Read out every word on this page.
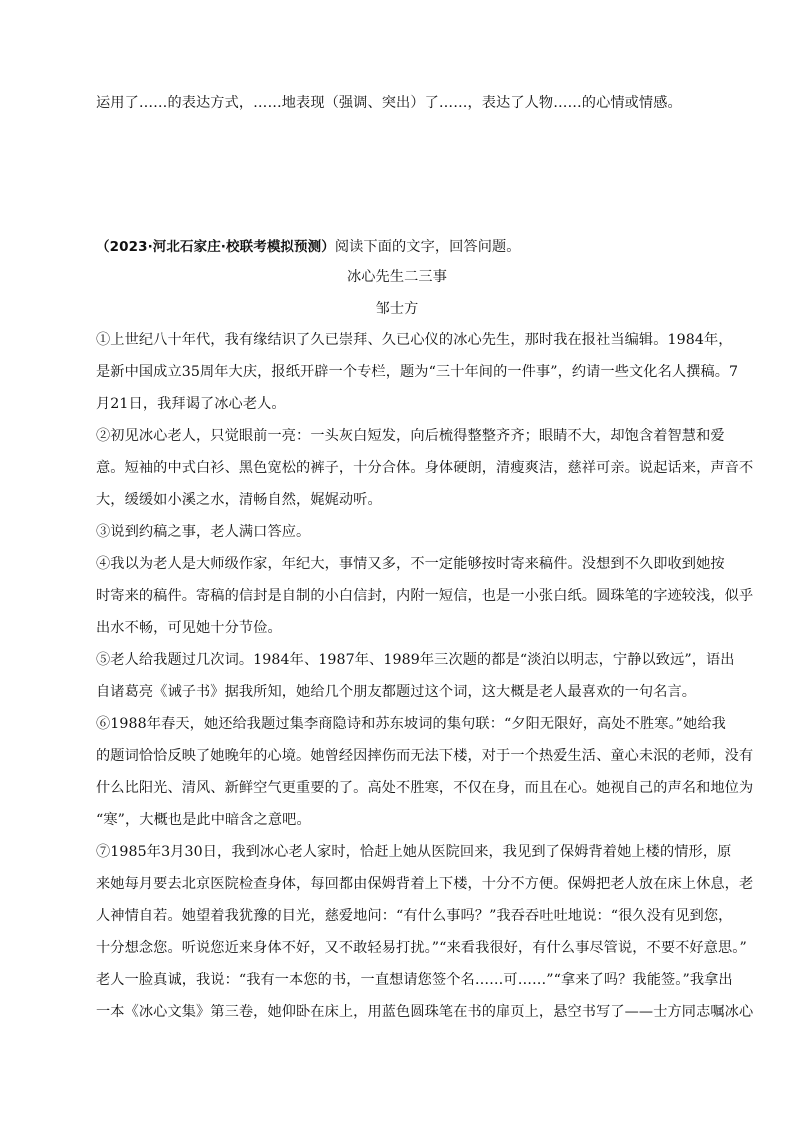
运用了……的表达方式，……地表现（强调、突出）了……，表达了人物……的心情或情感。
（2023·河北石家庄·校联考模拟预测）阅读下面的文字，回答问题。
冰心先生二三事
邹士方
①上世纪八十年代，我有缘结识了久已崇拜、久已心仪的冰心先生，那时我在报社当编辑。1984年，
是新中国成立35周年大庆，报纸开辟一个专栏，题为“三十年间的一件事”，约请一些文化名人撰稿。7
月21日，我拜谒了冰心老人。
②初见冰心老人，只觉眼前一亮：一头灰白短发，向后梳得整整齐齐；眼睛不大，却饱含着智慧和爱
意。短袖的中式白衫、黑色宽松的裤子，十分合体。身体硬朗，清瘦爽洁，慈祥可亲。说起话来，声音不
大，缓缓如小溪之水，清畅自然，娓娓动听。
③说到约稿之事，老人满口答应。
④我以为老人是大师级作家，年纪大，事情又多，不一定能够按时寄来稿件。没想到不久即收到她按
时寄来的稿件。寄稿的信封是自制的小白信封，内附一短信，也是一小张白纸。圆珠笔的字迹较浅，似乎
出水不畅，可见她十分节俭。
⑤老人给我题过几次词。1984年、1987年、1989年三次题的都是“淡泊以明志，宁静以致远”，语出
自诸葛亮《诫子书》据我所知，她给几个朋友都题过这个词，这大概是老人最喜欢的一句名言。
⑥1988年春天，她还给我题过集李商隐诗和苏东坡词的集句联：“夕阳无限好，高处不胜寒。”她给我
的题词恰恰反映了她晚年的心境。她曾经因摔伤而无法下楼，对于一个热爱生活、童心未泯的老师，没有
什么比阳光、清风、新鲜空气更重要的了。高处不胜寒，不仅在身，而且在心。她视自己的声名和地位为
“寒”，大概也是此中暗含之意吧。
⑦1985年3月30日，我到冰心老人家时，恰赶上她从医院回来，我见到了保姆背着她上楼的情形，原
来她每月要去北京医院检查身体，每回都由保姆背着上下楼，十分不方便。保姆把老人放在床上休息，老
人神情自若。她望着我犹豫的目光，慈爱地问：“有什么事吗？”我吞吞吐吐地说：“很久没有见到您，
十分想念您。听说您近来身体不好，又不敢轻易打扰。”“来看我很好，有什么事尽管说，不要不好意思。”
老人一脸真诚，我说：“我有一本您的书，一直想请您签个名……可……”“拿来了吗？我能签。”我拿出
一本《冰心文集》第三卷，她仰卧在床上，用蓝色圆珠笔在书的扉页上，悬空书写了——士方同志嘱冰心
